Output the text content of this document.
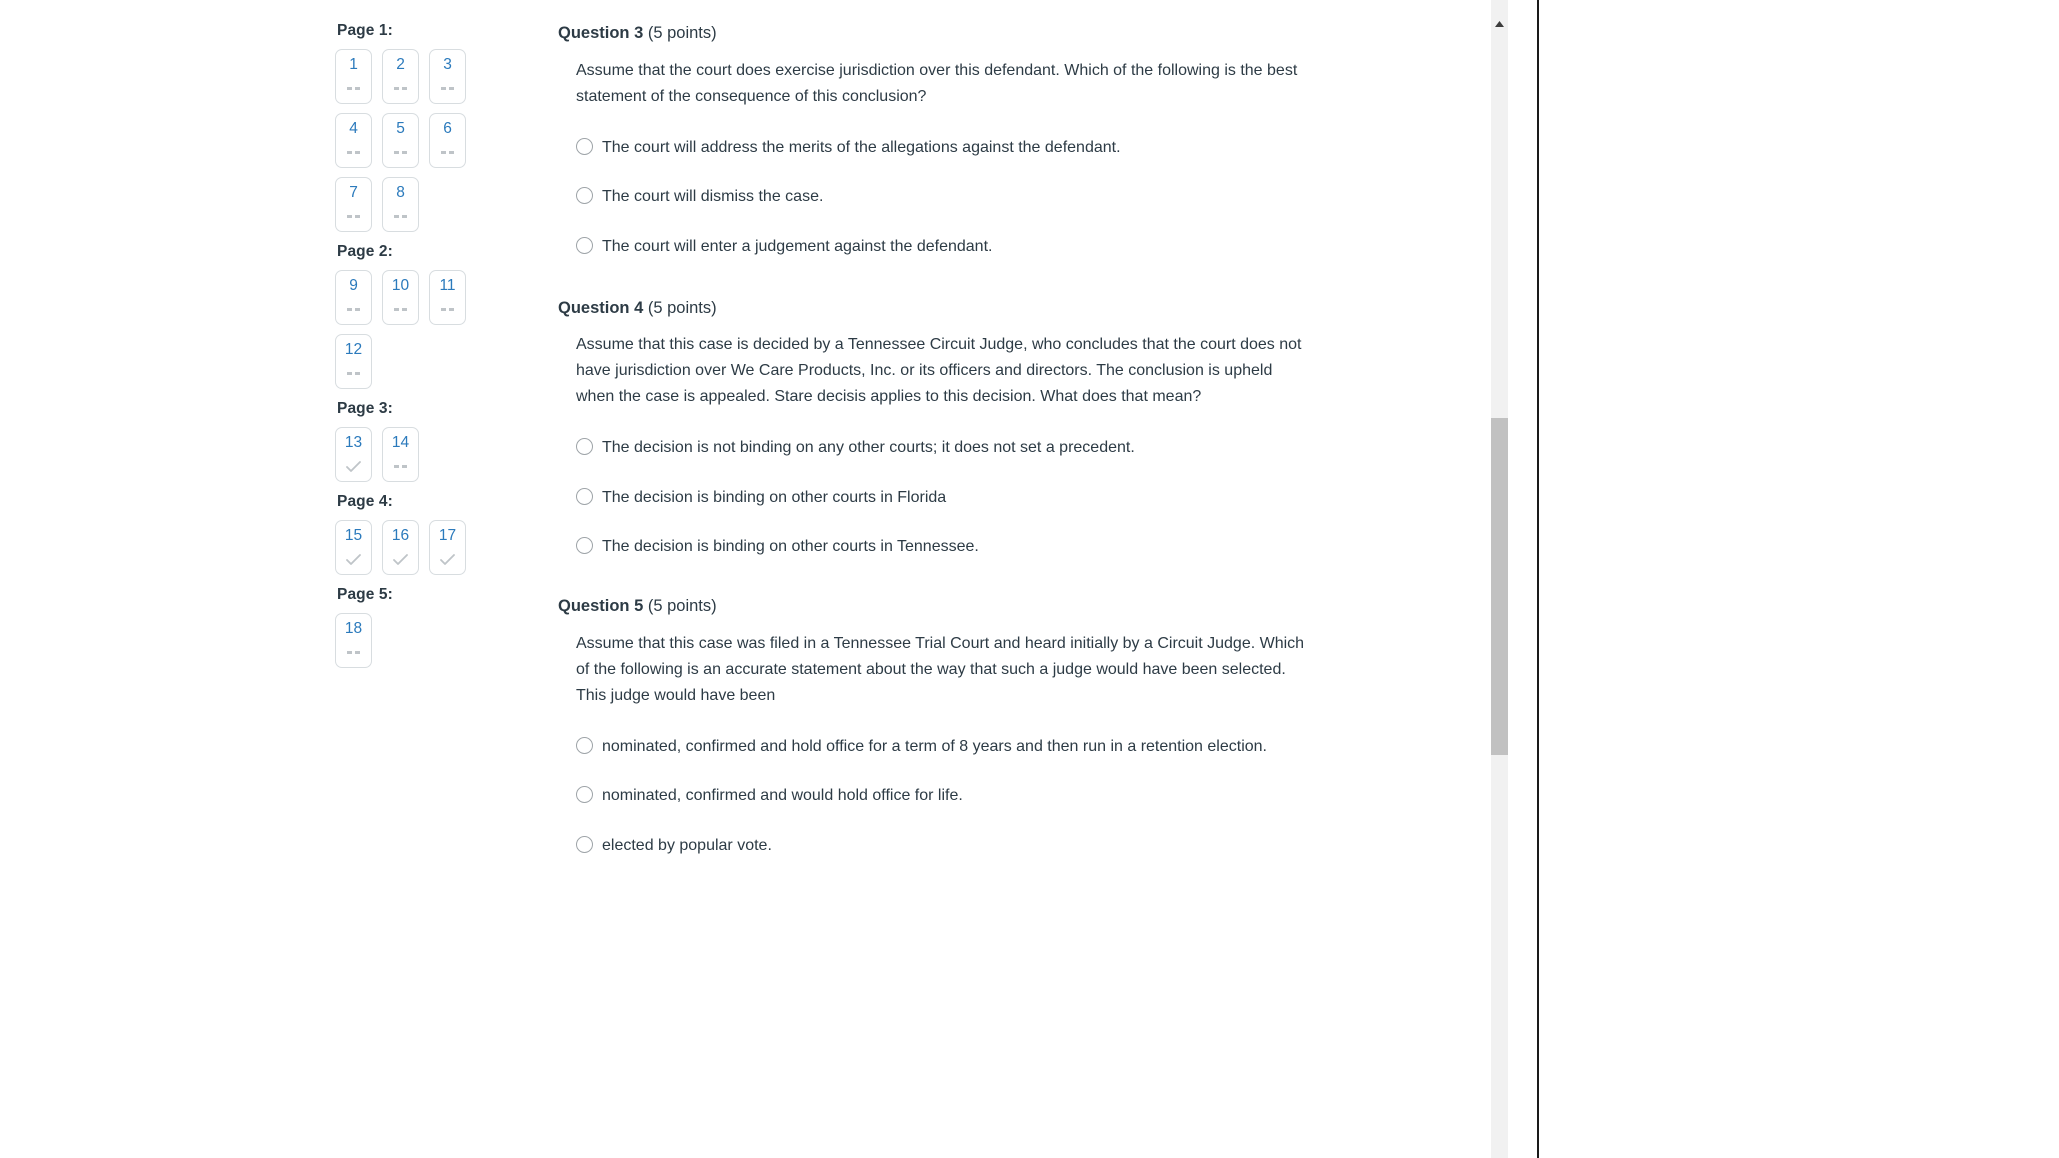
Page 1:
1 2 3
4 5 6
7 8
Page 2:
9 10 11
12
Page 3:
13 14
Page 4:
15 16 17
Page 5:
18
Question 3 (5 points)

Assume that the court does exercise jurisdiction over this defendant. Which of the following is the best statement of the consequence of this conclusion?

The court will address the merits of the allegations against the defendant.
The court will dismiss the case.
The court will enter a judgement against the defendant.
Question 4 (5 points)

Assume that this case is decided by a Tennessee Circuit Judge, who concludes that the court does not have jurisdiction over We Care Products, Inc. or its officers and directors. The conclusion is upheld when the case is appealed. Stare decisis applies to this decision. What does that mean?

The decision is not binding on any other courts; it does not set a precedent.
The decision is binding on other courts in Florida
The decision is binding on other courts in Tennessee.
Question 5 (5 points)

Assume that this case was filed in a Tennessee Trial Court and heard initially by a Circuit Judge. Which of the following is an accurate statement about the way that such a judge would have been selected. This judge would have been

nominated, confirmed and hold office for a term of 8 years and then run in a retention election.
nominated, confirmed and would hold office for life.
elected by popular vote.
